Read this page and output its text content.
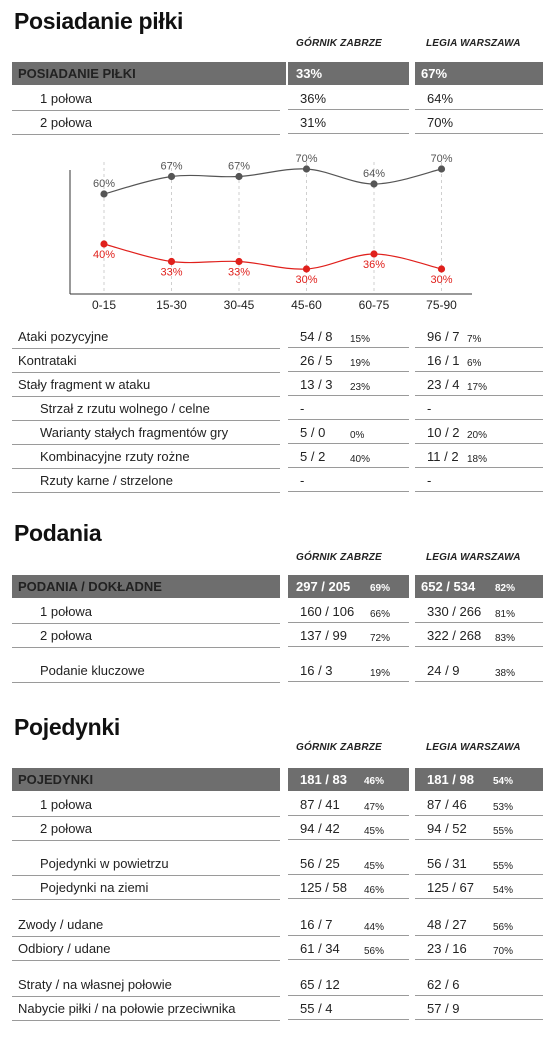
Posiadanie piłki
GÓRNIK ZABRZE	LEGIA WARSZAWA
POSIADANIE PIŁKI	33%	67%
1 połowa	36%	64%
2 połowa	31%	70%
0-15	15-30	30-45	45-60	60-75	75-90
60%
67%	67%
70%
64%
70%
40%
33%	33%
30%
36%
30%
Ataki pozycyjne	54 / 8 15%	96 / 7 7%
Kontrataki	26 / 5 19%	16 / 1 6%
Stały fragment w ataku	13 / 3 23%	23 / 4 17%
Strzał z rzutu wolnego / celne	-	-
Warianty stałych fragmentów gry	5 / 0 0%	10 / 2 20%
Kombinacyjne rzuty rożne	5 / 2 40%	11 / 2 18%
Rzuty karne / strzelone	-	-
Podania
GÓRNIK ZABRZE	LEGIA WARSZAWA
PODANIA / DOKŁADNE	297 / 205 69% 652 / 534 82%
1 połowa	160 / 106 66%	330 / 266 81%
2 połowa	137 / 99 72%	322 / 268 83%
Podanie kluczowe	16 / 3	19%	24 / 9	38%
Pojedynki
GÓRNIK ZABRZE	LEGIA WARSZAWA
POJEDYNKI	181 / 83 46%	181 / 98 54%
1 połowa	87 / 41 47%	87 / 46	53%
2 połowa	94 / 42 45%	94 / 52	55%
Pojedynki w powietrzu	56 / 25 45%	56 / 31	55%
Pojedynki na ziemi	125 / 58 46%	125 / 67 54%
Zwody / udane	16 / 7	44%	48 / 27	56%
Odbiory / udane	61 / 34 56%	23 / 16	70%
Straty / na własnej połowie	65 / 12	62 / 6
Nabycie piłki / na połowie przeciwnika	55 / 4	57 / 9
